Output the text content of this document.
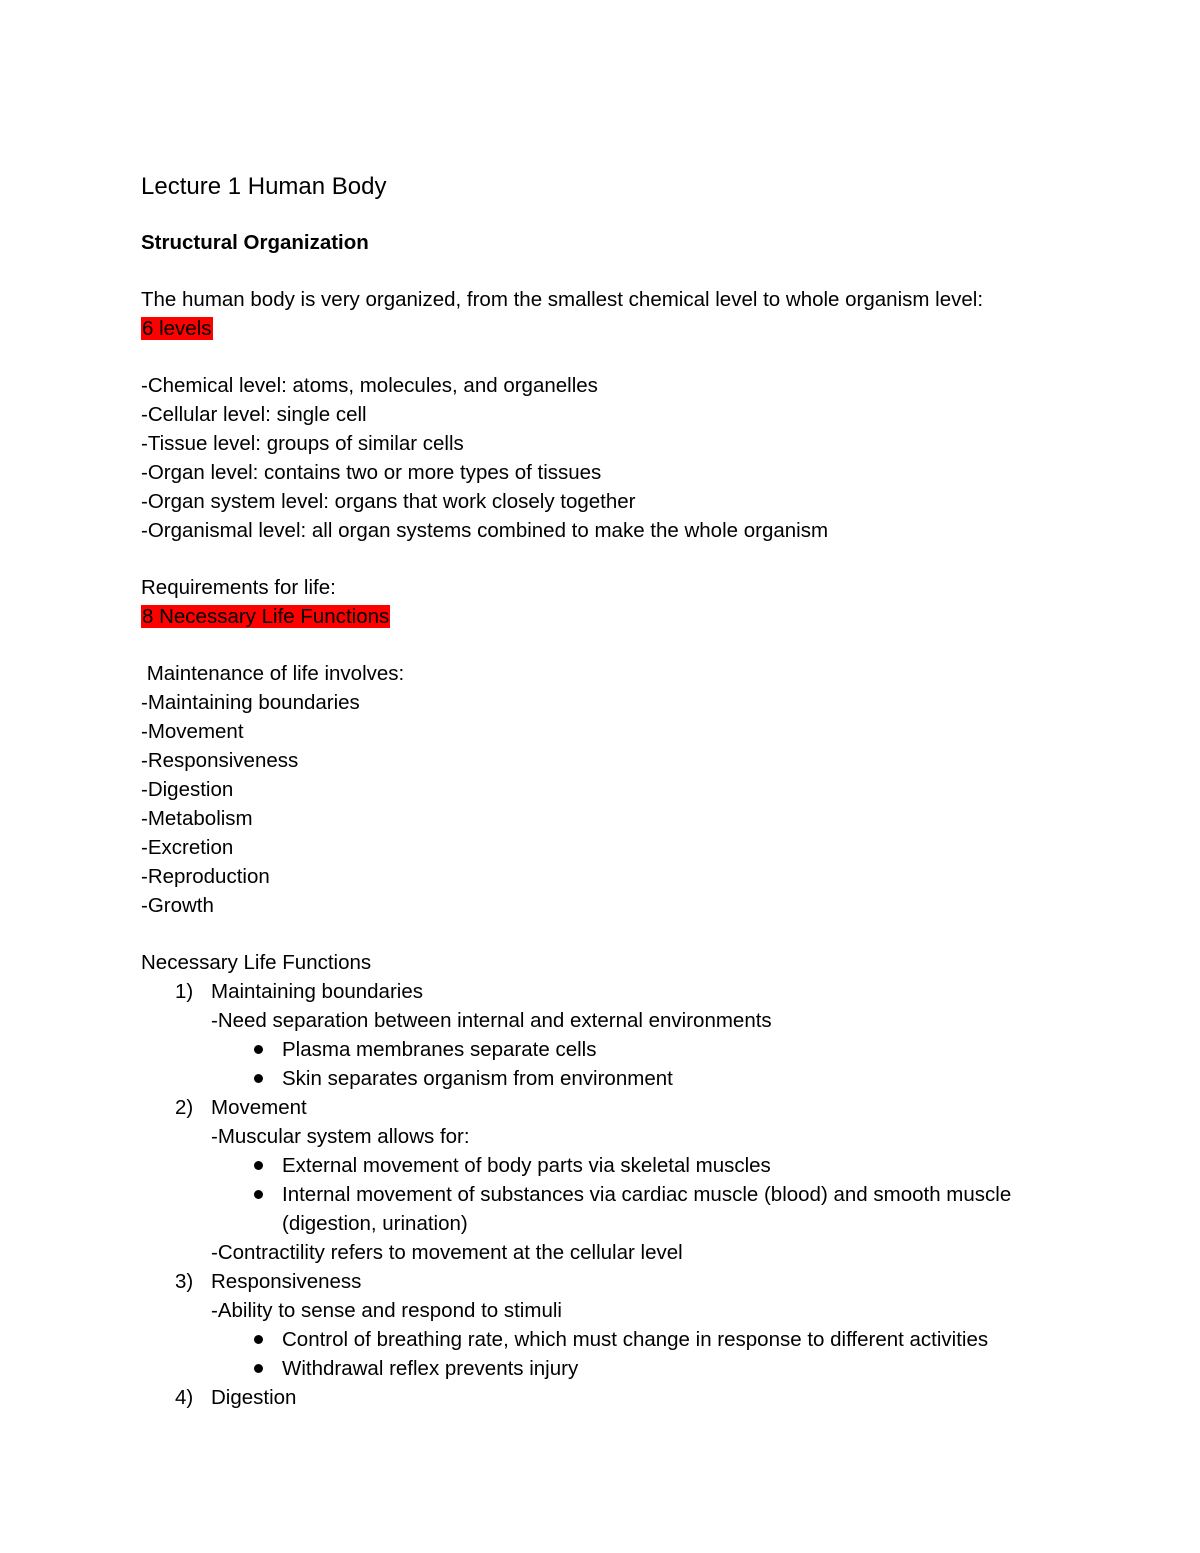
Lecture 1 Human Body
Structural Organization
The human body is very organized, from the smallest chemical level to whole organism level:
6 levels
-Chemical level: atoms, molecules, and organelles
-Cellular level: single cell
-Tissue level: groups of similar cells
-Organ level: contains two or more types of tissues
-Organ system level: organs that work closely together
-Organismal level: all organ systems combined to make the whole organism
Requirements for life:
8 Necessary Life Functions
Maintenance of life involves:
-Maintaining boundaries
-Movement
-Responsiveness
-Digestion
-Metabolism
-Excretion
-Reproduction
-Growth
Necessary Life Functions
1) Maintaining boundaries
-Need separation between internal and external environments
Plasma membranes separate cells
Skin separates organism from environment
2) Movement
-Muscular system allows for:
External movement of body parts via skeletal muscles
Internal movement of substances via cardiac muscle (blood) and smooth muscle (digestion, urination)
-Contractility refers to movement at the cellular level
3) Responsiveness
-Ability to sense and respond to stimuli
Control of breathing rate, which must change in response to different activities
Withdrawal reflex prevents injury
4) Digestion
